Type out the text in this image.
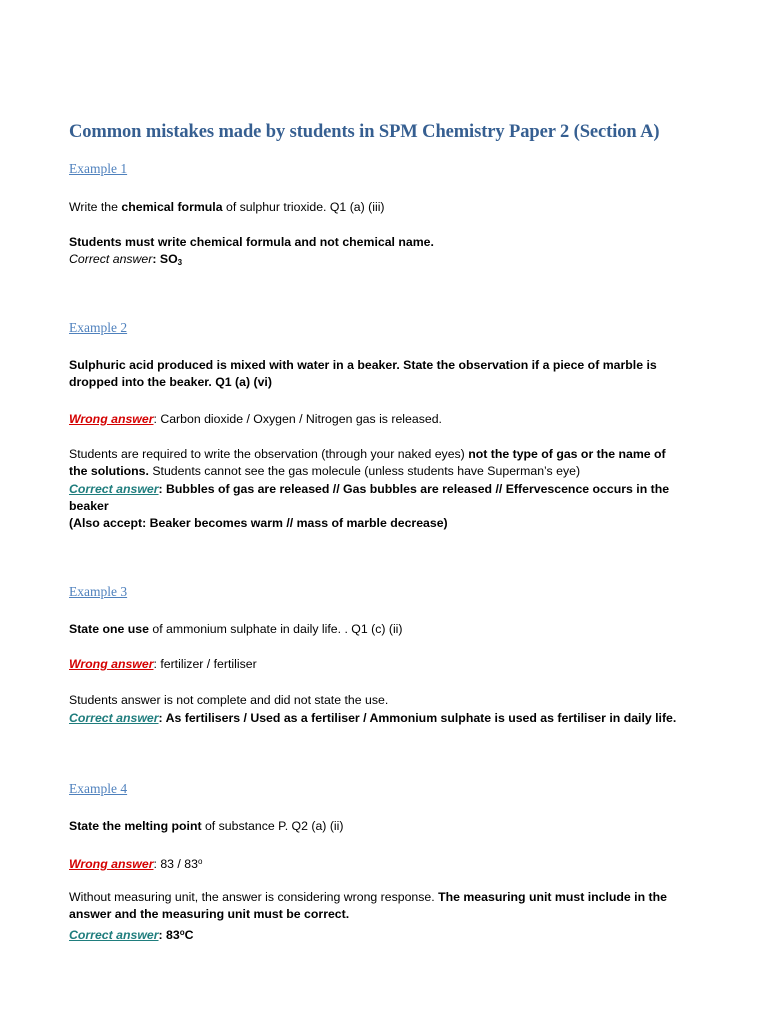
Common mistakes made by students in SPM Chemistry Paper 2 (Section A)
Example 1
Write the chemical formula of sulphur trioxide. Q1 (a) (iii)
Students must write chemical formula and not chemical name.
Correct answer: $SO_3$
Example 2
Sulphuric acid produced is mixed with water in a beaker. State the observation if a piece of marble is
dropped into the beaker. Q1 (a) (vi)
Wrong answer: Carbon dioxide / Oxygen / Nitrogen gas is released.
Students are required to write the observation (through your naked eyes) not the type of gas or the name of
the solutions. Students cannot see the gas molecule (unless students have Superman’s eye)
Correct answer: Bubbles of gas are released // Gas bubbles are released // Effervescence occurs in the
beaker
(Also accept: Beaker becomes warm // mass of marble decrease)
Example 3
State one use of ammonium sulphate in daily life. . Q1 (c) (ii)
Wrong answer: fertilizer / fertiliser
Students answer is not complete and did not state the use.
Correct answer: As fertilisers / Used as a fertiliser / Ammonium sulphate is used as fertiliser in daily life.
Example 4
State the melting point of substance P. Q2 (a) (ii)
Wrong answer: 83 / 83$^o$
Without measuring unit, the answer is considering wrong response. The measuring unit must include in the
answer and the measuring unit must be correct.
Correct answer: 83$^o$C
